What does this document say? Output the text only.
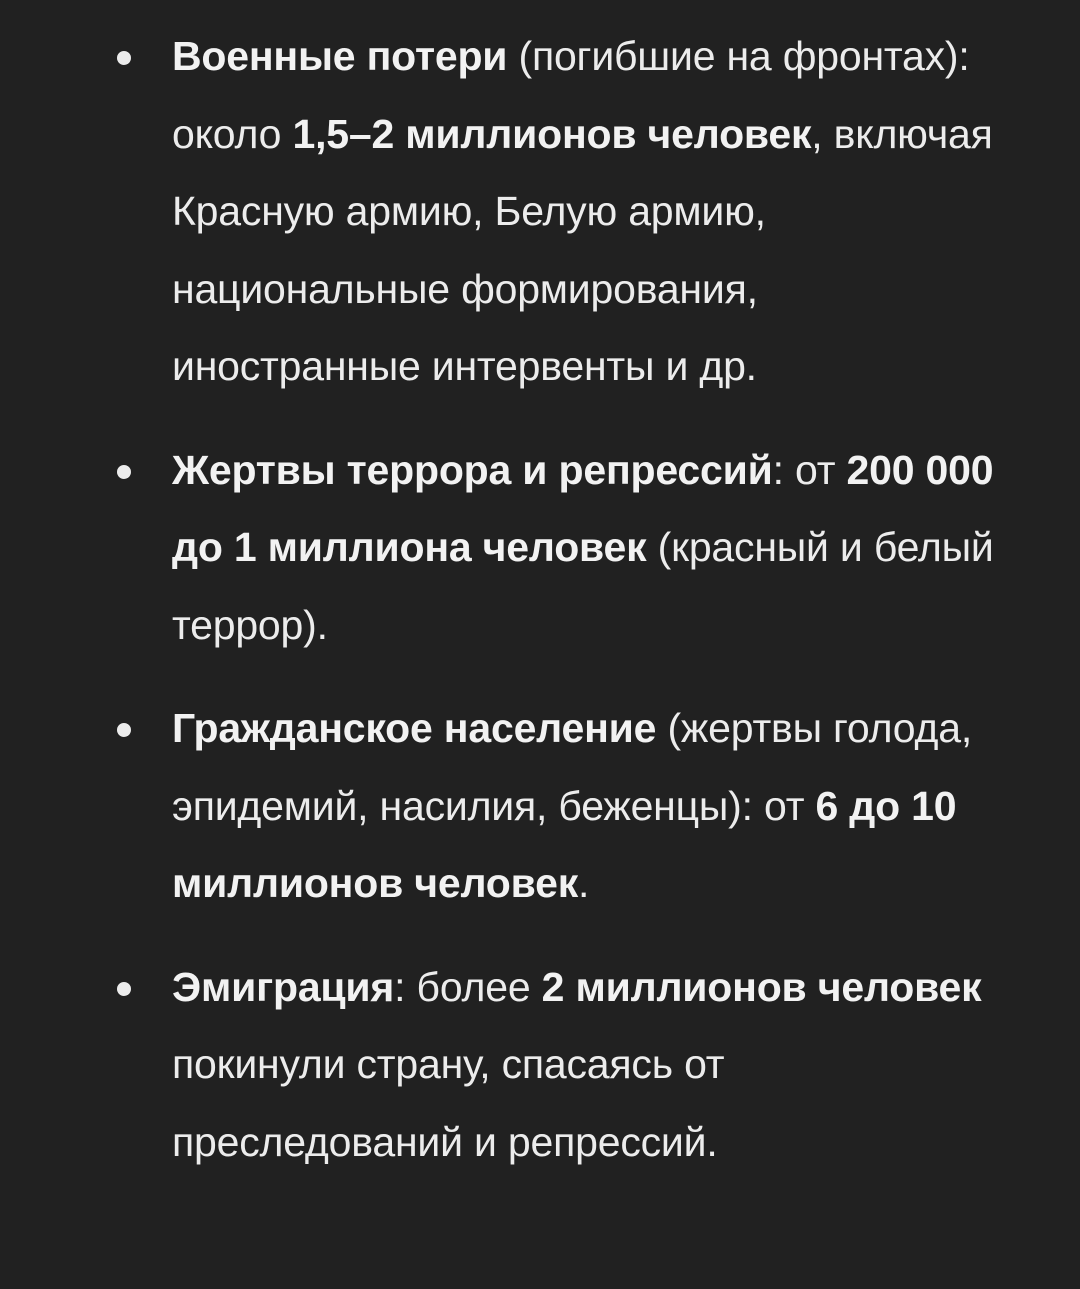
Военные потери (погибшие на фронтах): около 1,5–2 миллионов человек, включая Красную армию, Белую армию, национальные формирования, иностранные интервенты и др.
Жертвы террора и репрессий: от 200 000 до 1 миллиона человек (красный и белый террор).
Гражданское население (жертвы голода, эпидемий, насилия, беженцы): от 6 до 10 миллионов человек.
Эмиграция: более 2 миллионов человек покинули страну, спасаясь от преследований и репрессий.
